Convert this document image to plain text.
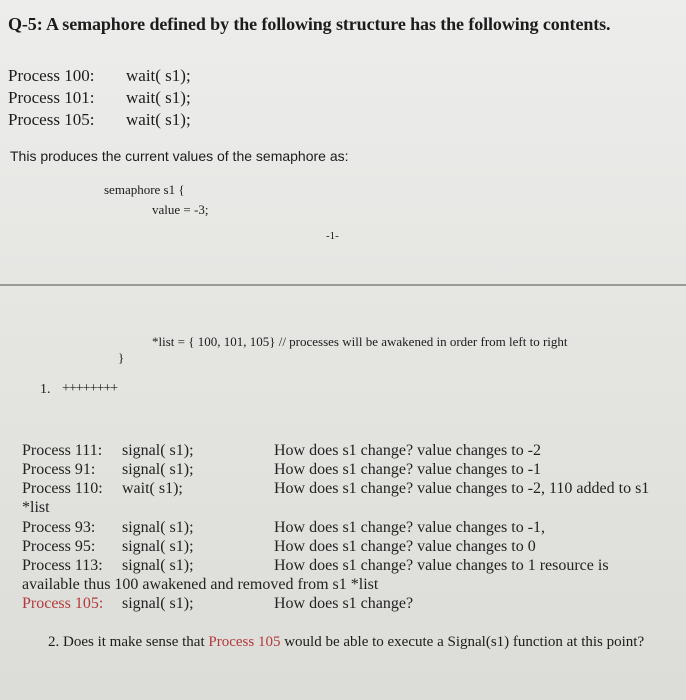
Q-5: A semaphore defined by the following structure has the following contents.
Process 100: wait( s1);
Process 101: wait( s1);
Process 105: wait( s1);
This produces the current values of the semaphore as:
semaphore s1 {
value = -3;
-1-
*list = { 100, 101, 105} // processes will be awakened in order from left to right
}
1. ++++++++
Process 111: signal( s1);	How does s1 change? value changes to -2
Process 91: signal( s1);	How does s1 change? value changes to -1
Process 110: wait( s1);	How does s1 change? value changes to -2, 110 added to s1
*list
Process 93: signal( s1);	How does s1 change? value changes to -1,
Process 95: signal( s1);	How does s1 change? value changes to 0
Process 113: signal( s1);	How does s1 change? value changes to 1 resource is
available thus 100 awakened and removed from s1 *list
Process 105: signal( s1);	How does s1 change?
2. Does it make sense that Process 105 would be able to execute a Signal(s1) function at this point?
